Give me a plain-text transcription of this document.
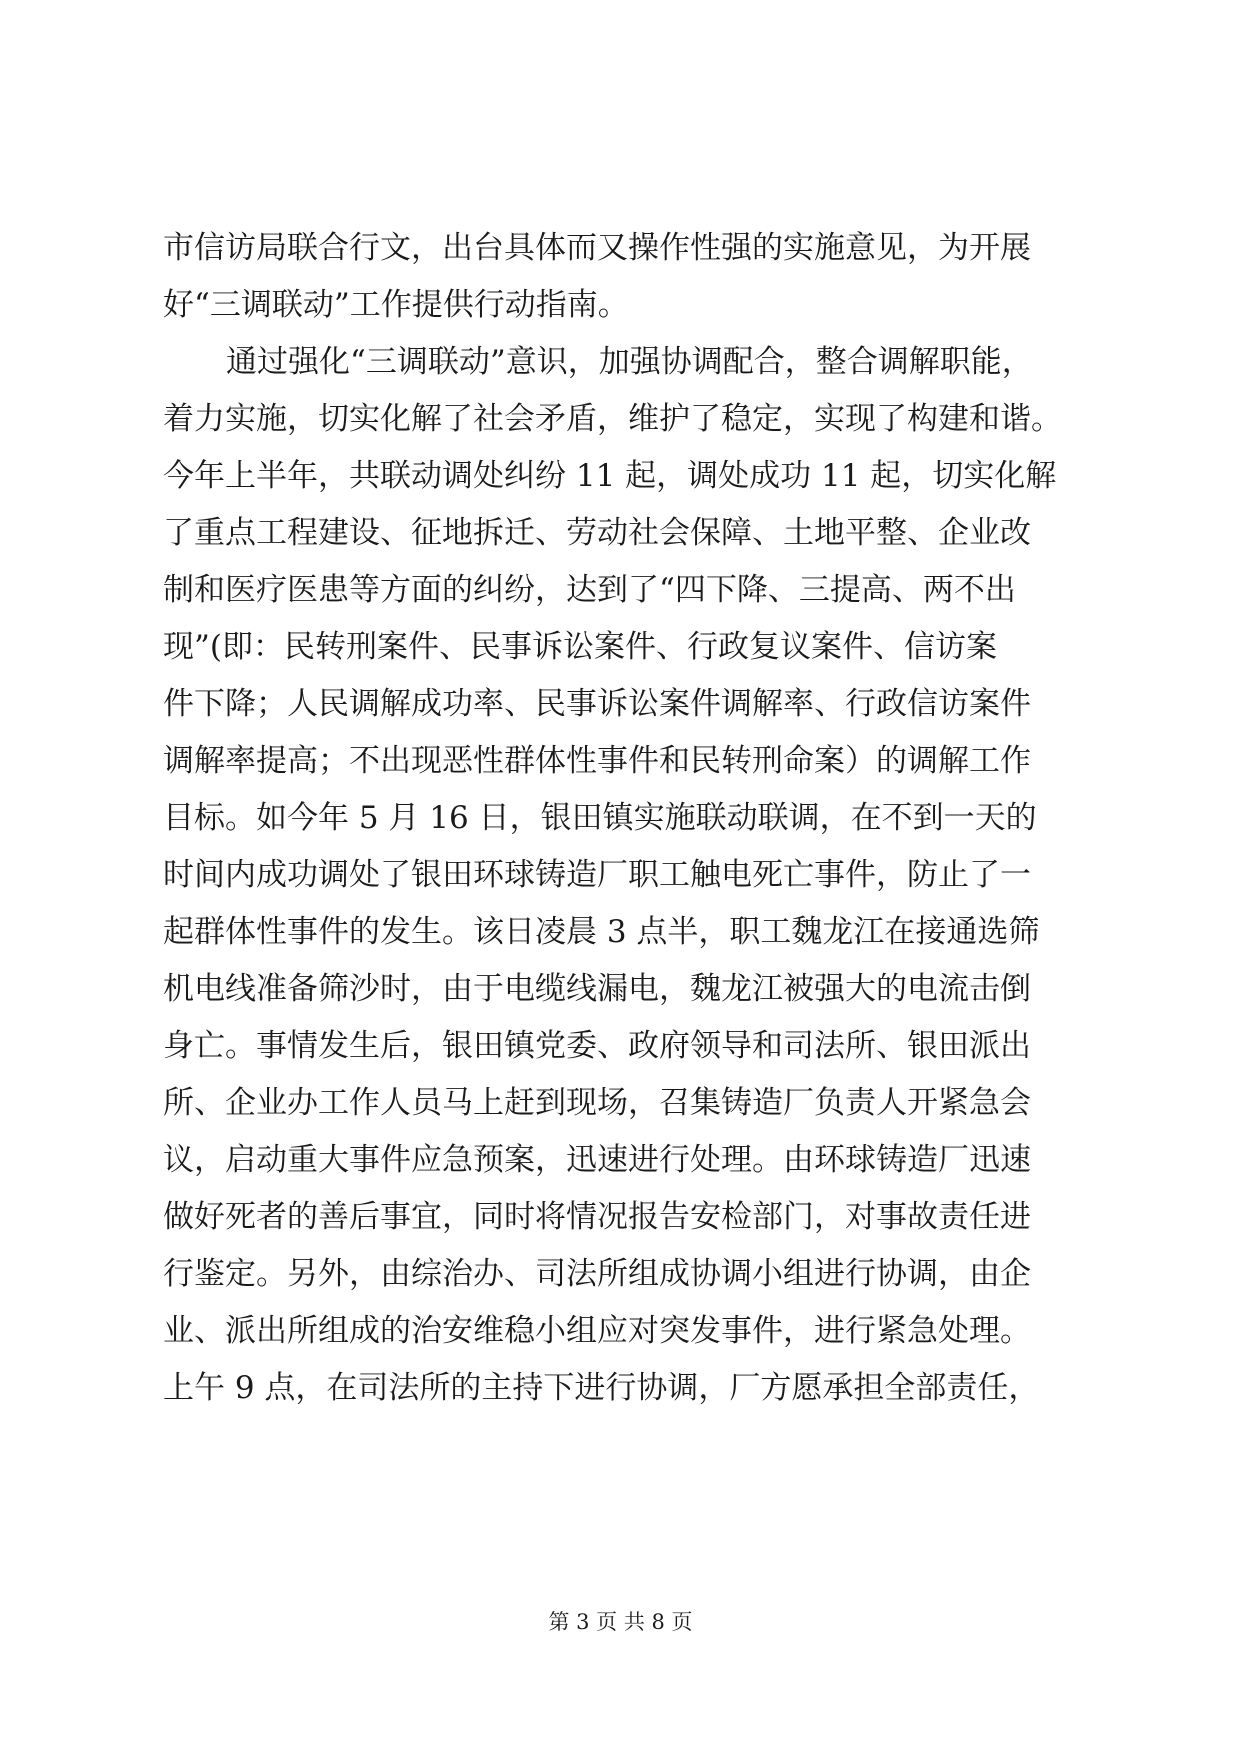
市信访局联合行文，出台具体而又操作性强的实施意见，为开展
好“三调联动”工作提供行动指南。
通过强化“三调联动”意识，加强协调配合，整合调解职能，
着力实施，切实化解了社会矛盾，维护了稳定，实现了构建和谐。
今年上半年，共联动调处纠纷 11 起，调处成功 11 起，切实化解
了重点工程建设、征地拆迁、劳动社会保障、土地平整、企业改
制和医疗医患等方面的纠纷，达到了“四下降、三提高、两不出
现”(即：民转刑案件、民事诉讼案件、行政复议案件、信访案
件下降；人民调解成功率、民事诉讼案件调解率、行政信访案件
调解率提高；不出现恶性群体性事件和民转刑命案）的调解工作
目标。如今年 5 月 16 日，银田镇实施联动联调，在不到一天的
时间内成功调处了银田环球铸造厂职工触电死亡事件，防止了一
起群体性事件的发生。该日凌晨 3 点半，职工魏龙江在接通选筛
机电线准备筛沙时，由于电缆线漏电，魏龙江被强大的电流击倒
身亡。事情发生后，银田镇党委、政府领导和司法所、银田派出
所、企业办工作人员马上赶到现场，召集铸造厂负责人开紧急会
议，启动重大事件应急预案，迅速进行处理。由环球铸造厂迅速
做好死者的善后事宜，同时将情况报告安检部门，对事故责任进
行鉴定。另外，由综治办、司法所组成协调小组进行协调，由企
业、派出所组成的治安维稳小组应对突发事件，进行紧急处理。
上午 9 点，在司法所的主持下进行协调，厂方愿承担全部责任，
第 3 页 共 8 页
